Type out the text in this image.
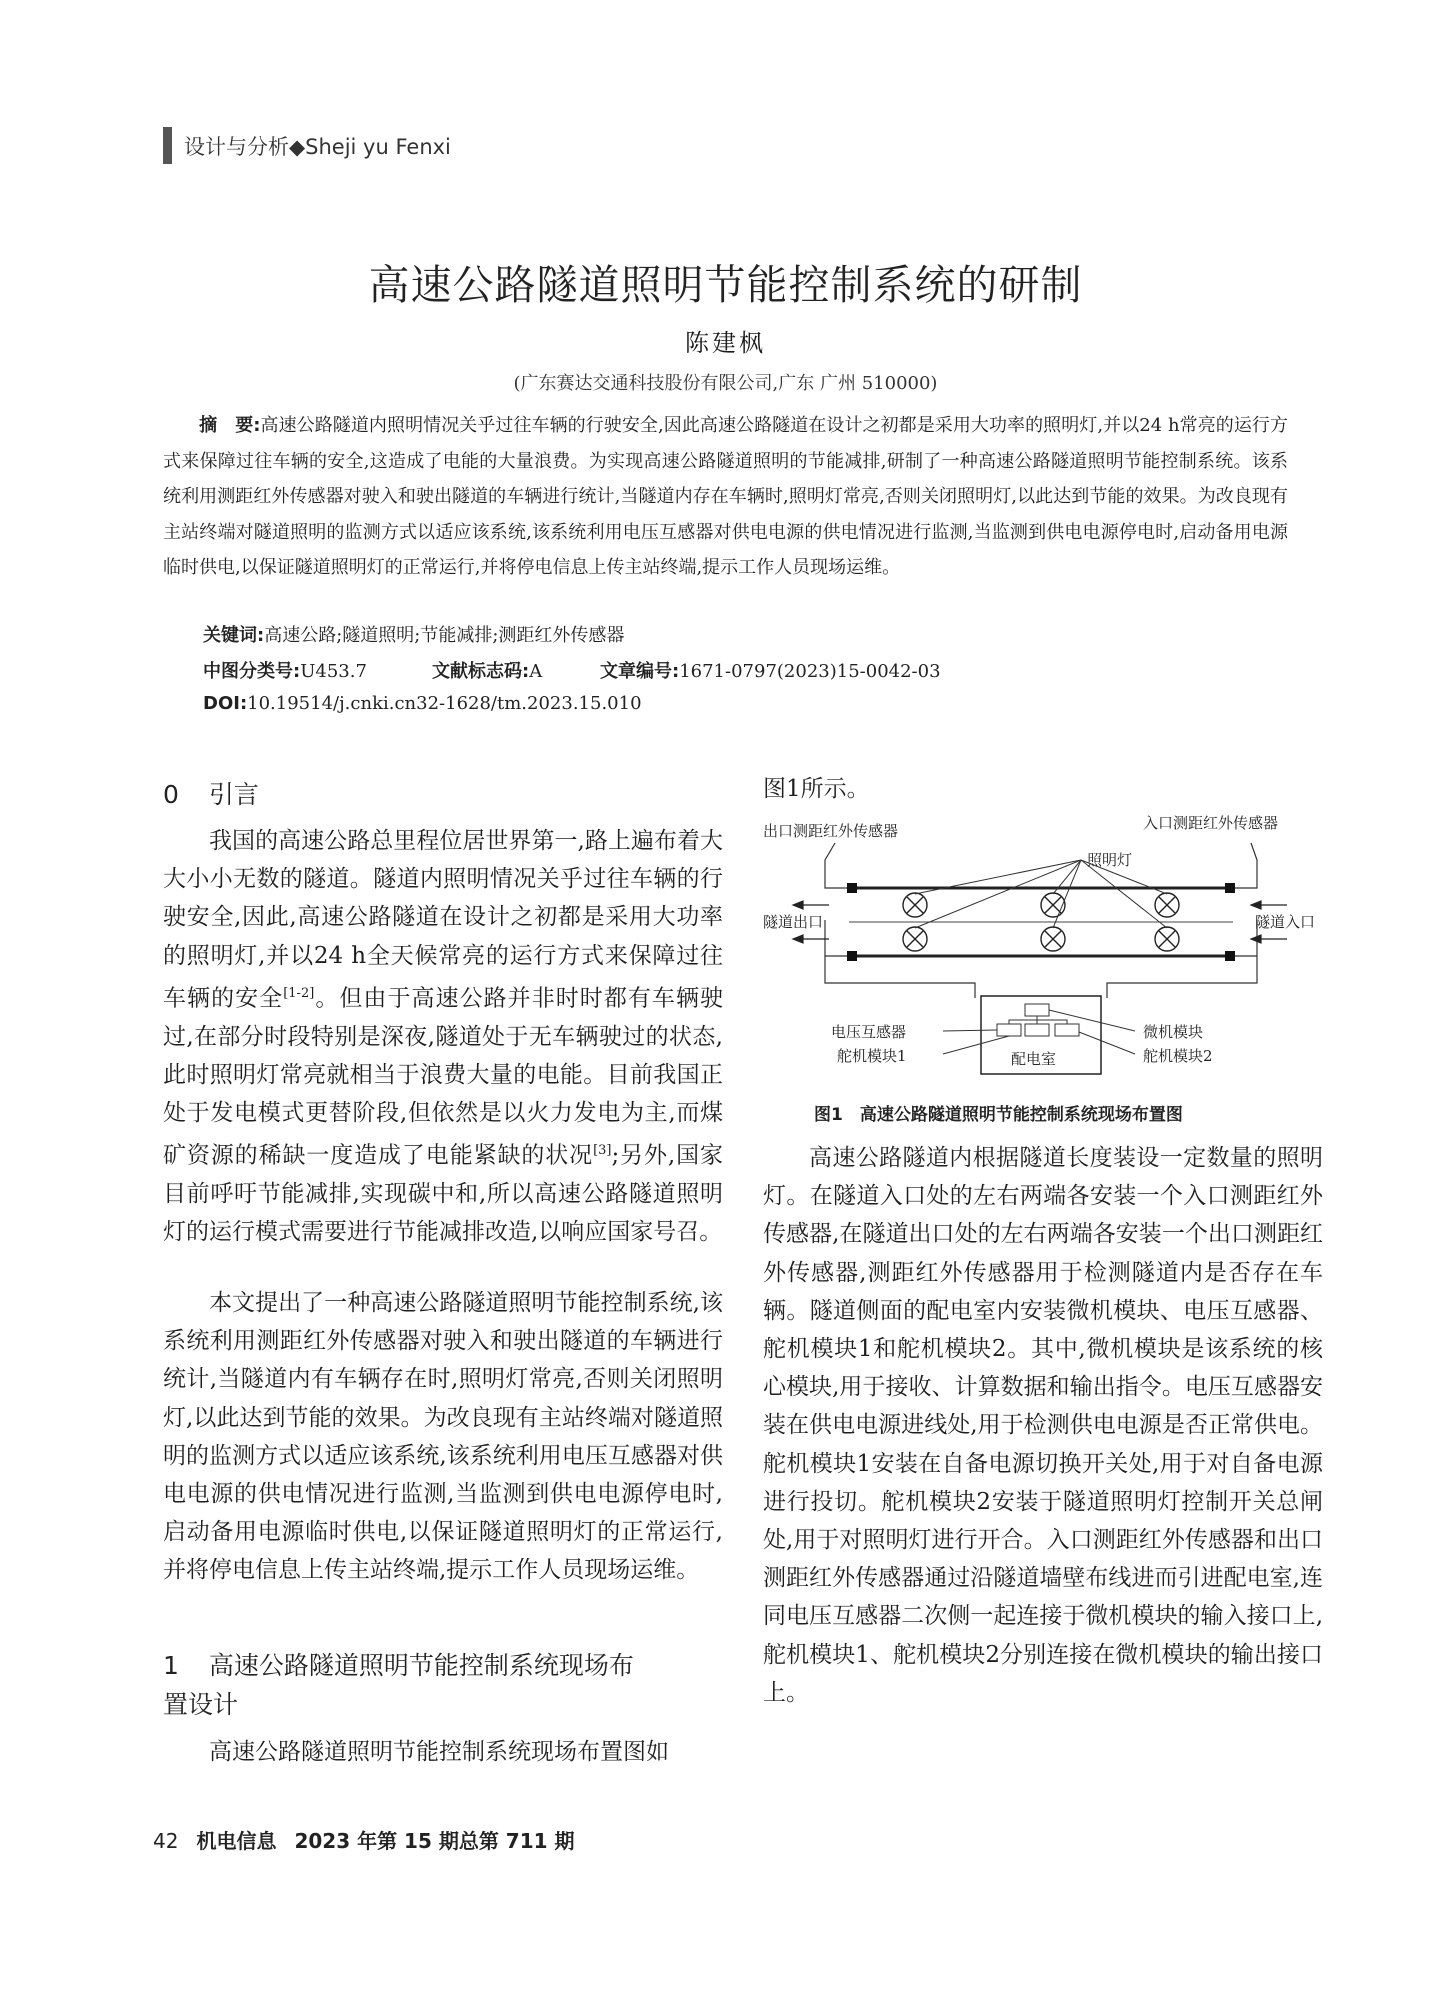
设计与分析◆Sheji yu Fenxi
高速公路隧道照明节能控制系统的研制
陈建枫
(广东赛达交通科技股份有限公司,广东 广州 510000)
摘　要:高速公路隧道内照明情况关乎过往车辆的行驶安全,因此高速公路隧道在设计之初都是采用大功率的照明灯,并以24 h常亮的运行方式来保障过往车辆的安全,这造成了电能的大量浪费。为实现高速公路隧道照明的节能减排,研制了一种高速公路隧道照明节能控制系统。该系统利用测距红外传感器对驶入和驶出隧道的车辆进行统计,当隧道内存在车辆时,照明灯常亮,否则关闭照明灯,以此达到节能的效果。为改良现有主站终端对隧道照明的监测方式以适应该系统,该系统利用电压互感器对供电电源的供电情况进行监测,当监测到供电电源停电时,启动备用电源临时供电,以保证隧道照明灯的正常运行,并将停电信息上传主站终端,提示工作人员现场运维。
关键词:高速公路;隧道照明;节能减排;测距红外传感器
中图分类号:U453.7	文献标志码:A	文章编号:1671-0797(2023)15-0042-03
DOI:10.19514/j.cnki.cn32-1628/tm.2023.15.010
0 引言
我国的高速公路总里程位居世界第一,路上遍布着大大小小无数的隧道。隧道内照明情况关乎过往车辆的行驶安全,因此,高速公路隧道在设计之初都是采用大功率的照明灯,并以24 h全天候常亮的运行方式来保障过往车辆的安全[1-2]。但由于高速公路并非时时都有车辆驶过,在部分时段特别是深夜,隧道处于无车辆驶过的状态,此时照明灯常亮就相当于浪费大量的电能。目前我国正处于发电模式更替阶段,但依然是以火力发电为主,而煤矿资源的稀缺一度造成了电能紧缺的状况[3];另外,国家目前呼吁节能减排,实现碳中和,所以高速公路隧道照明灯的运行模式需要进行节能减排改造,以响应国家号召。
本文提出了一种高速公路隧道照明节能控制系统,该系统利用测距红外传感器对驶入和驶出隧道的车辆进行统计,当隧道内有车辆存在时,照明灯常亮,否则关闭照明灯,以此达到节能的效果。为改良现有主站终端对隧道照明的监测方式以适应该系统,该系统利用电压互感器对供电电源的供电情况进行监测,当监测到供电电源停电时,启动备用电源临时供电,以保证隧道照明灯的正常运行,并将停电信息上传主站终端,提示工作人员现场运维。
1 高速公路隧道照明节能控制系统现场布
置设计
高速公路隧道照明节能控制系统现场布置图如
图1所示。
出口测距红外传感器	入口测距红外传感器
照明灯
隧道出口	隧道入口
电压互感器
舵机模块1
微机模块
舵机模块2
配电室
图1　高速公路隧道照明节能控制系统现场布置图
高速公路隧道内根据隧道长度装设一定数量的照明灯。在隧道入口处的左右两端各安装一个入口测距红外传感器,在隧道出口处的左右两端各安装一个出口测距红外传感器,测距红外传感器用于检测隧道内是否存在车辆。隧道侧面的配电室内安装微机模块、电压互感器、舵机模块1和舵机模块2。其中,微机模块是该系统的核心模块,用于接收、计算数据和输出指令。电压互感器安装在供电电源进线处,用于检测供电电源是否正常供电。舵机模块1安装在自备电源切换开关处,用于对自备电源进行投切。舵机模块2安装于隧道照明灯控制开关总闸处,用于对照明灯进行开合。入口测距红外传感器和出口测距红外传感器通过沿隧道墙壁布线进而引进配电室,连同电压互感器二次侧一起连接于微机模块的输入接口上,舵机模块1、舵机模块2分别连接在微机模块的输出接口上。
42 机电信息 2023 年第 15 期总第 711 期
